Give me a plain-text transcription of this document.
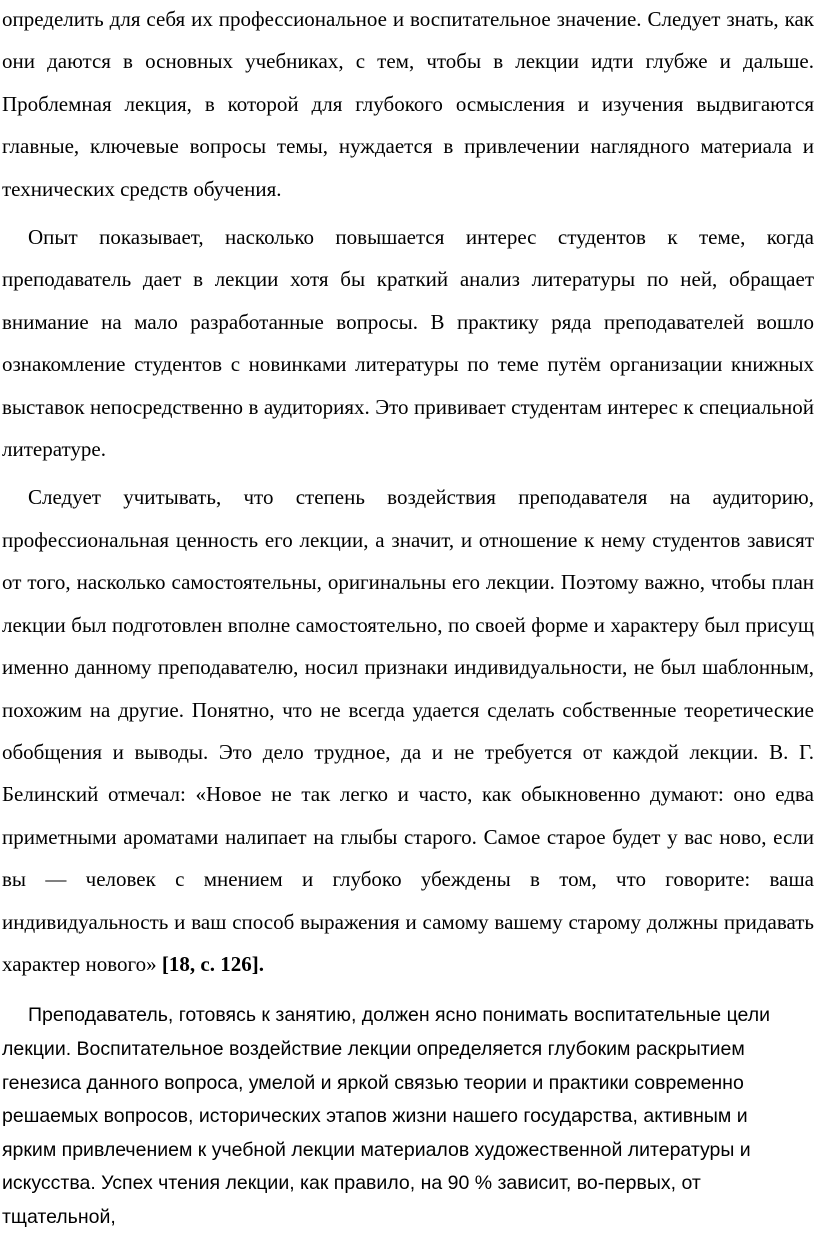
определить для себя их профессиональное и воспитательное значение. Следует знать, как они даются в основных учебниках, с тем, чтобы в лекции идти глубже и дальше. Проблемная лекция, в которой для глубокого осмысления и изучения выдвигаются главные, ключевые вопросы темы, нуждается в привлечении наглядного материала и технических средств обучения.

Опыт показывает, насколько повышается интерес студентов к теме, когда преподаватель дает в лекции хотя бы краткий анализ литературы по ней, обращает внимание на мало разработанные вопросы. В практику ряда преподавателей вошло ознакомление студентов с новинками литературы по теме путём организации книжных выставок непосредственно в аудиториях. Это прививает студентам интерес к специальной литературе.

Следует учитывать, что степень воздействия преподавателя на аудиторию, профессиональная ценность его лекции, а значит, и отношение к нему студентов зависят от того, насколько самостоятельны, оригинальны его лекции. Поэтому важно, чтобы план лекции был подготовлен вполне самостоятельно, по своей форме и характеру был присущ именно данному преподавателю, носил признаки индивидуальности, не был шаблонным, похожим на другие. Понятно, что не всегда удается сделать собственные теоретические обобщения и выводы. Это дело трудное, да и не требуется от каждой лекции. В. Г. Белинский отмечал: «Новое не так легко и часто, как обыкновенно думают: оно едва приметными ароматами налипает на глыбы старого. Самое старое будет у вас ново, если вы — человек с мнением и глубоко убеждены в том, что говорите: ваша индивидуальность и ваш способ выражения и самому вашему старому должны придавать характер нового» [18, с. 126].

Преподаватель, готовясь к занятию, должен ясно понимать воспитательные цели лекции. Воспитательное воздействие лекции определяется глубоким раскрытием генезиса данного вопроса, умелой и яркой связью теории и практики современно решаемых вопросов, исторических этапов жизни нашего государства, активным и ярким привлечением к учебной лекции материалов художественной литературы и искусства. Успех чтения лекции, как правило, на 90 % зависит, во-первых, от тщательной,
